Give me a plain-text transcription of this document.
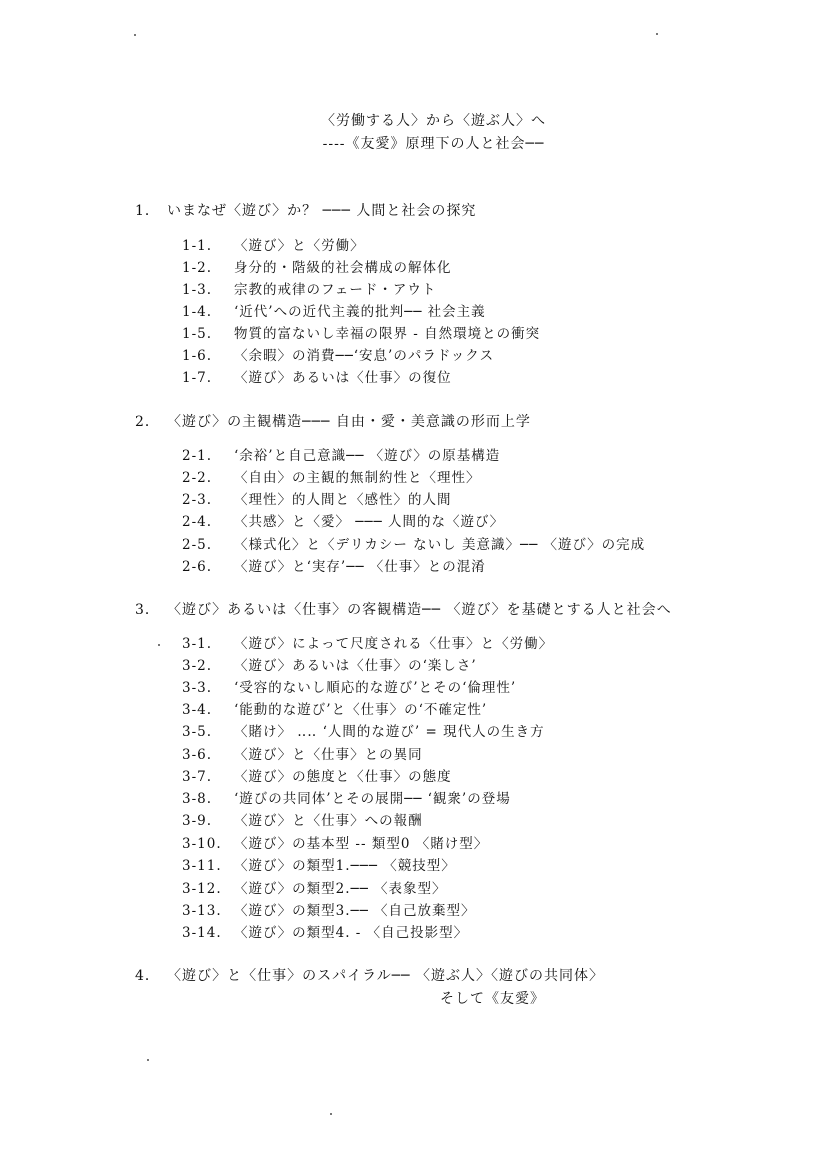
〈労働する人〉から〈遊ぶ人〉へ
----《友愛》原理下の人と社会──
1． いまなぜ〈遊び〉か？ ─── 人間と社会の探究
1-1. 〈遊び〉と〈労働〉
1-2. 身分的・階級的社会構成の解体化
1-3. 宗教的戒律のフェード・アウト
1-4. ‘近代’への近代主義的批判── 社会主義
1-5. 物質的富ないし幸福の限界 - 自然環境との衝突
1-6. 〈余暇〉の消費──‘安息’のパラドックス
1-7. 〈遊び〉あるいは〈仕事〉の復位
2． 〈遊び〉の主観構造─── 自由・愛・美意識の形而上学
2-1. ‘余裕’と自己意識── 〈遊び〉の原基構造
2-2. 〈自由〉の主観的無制約性と〈理性〉
2-3. 〈理性〉的人間と〈感性〉的人間
2-4. 〈共感〉と〈愛〉 ─── 人間的な〈遊び〉
2-5. 〈様式化〉と〈デリカシー ないし 美意識〉── 〈遊び〉の完成
2-6. 〈遊び〉と‘実存’── 〈仕事〉との混淆
3． 〈遊び〉あるいは〈仕事〉の客観構造── 〈遊び〉を基礎とする人と社会へ
3-1. 〈遊び〉によって尺度される〈仕事〉と〈労働〉
3-2. 〈遊び〉あるいは〈仕事〉の‘楽しさ’
3-3. ‘受容的ないし順応的な遊び’とその‘倫理性’
3-4. ‘能動的な遊び’と〈仕事〉の‘不確定性’
3-5. 〈賭け〉 ‥‥ ‘人間的な遊び’ = 現代人の生き方
3-6. 〈遊び〉と〈仕事〉との異同
3-7. 〈遊び〉の態度と〈仕事〉の態度
3-8. ‘遊びの共同体’とその展開── ‘観衆’の登場
3-9. 〈遊び〉と〈仕事〉への報酬
3-10. 〈遊び〉の基本型 -- 類型0 〈賭け型〉
3-11. 〈遊び〉の類型1.─── 〈競技型〉
3-12. 〈遊び〉の類型2.── 〈表象型〉
3-13. 〈遊び〉の類型3.── 〈自己放棄型〉
3-14. 〈遊び〉の類型4. - 〈自己投影型〉
4． 〈遊び〉と〈仕事〉のスパイラル── 〈遊ぶ人〉〈遊びの共同体〉
そして《友愛》
